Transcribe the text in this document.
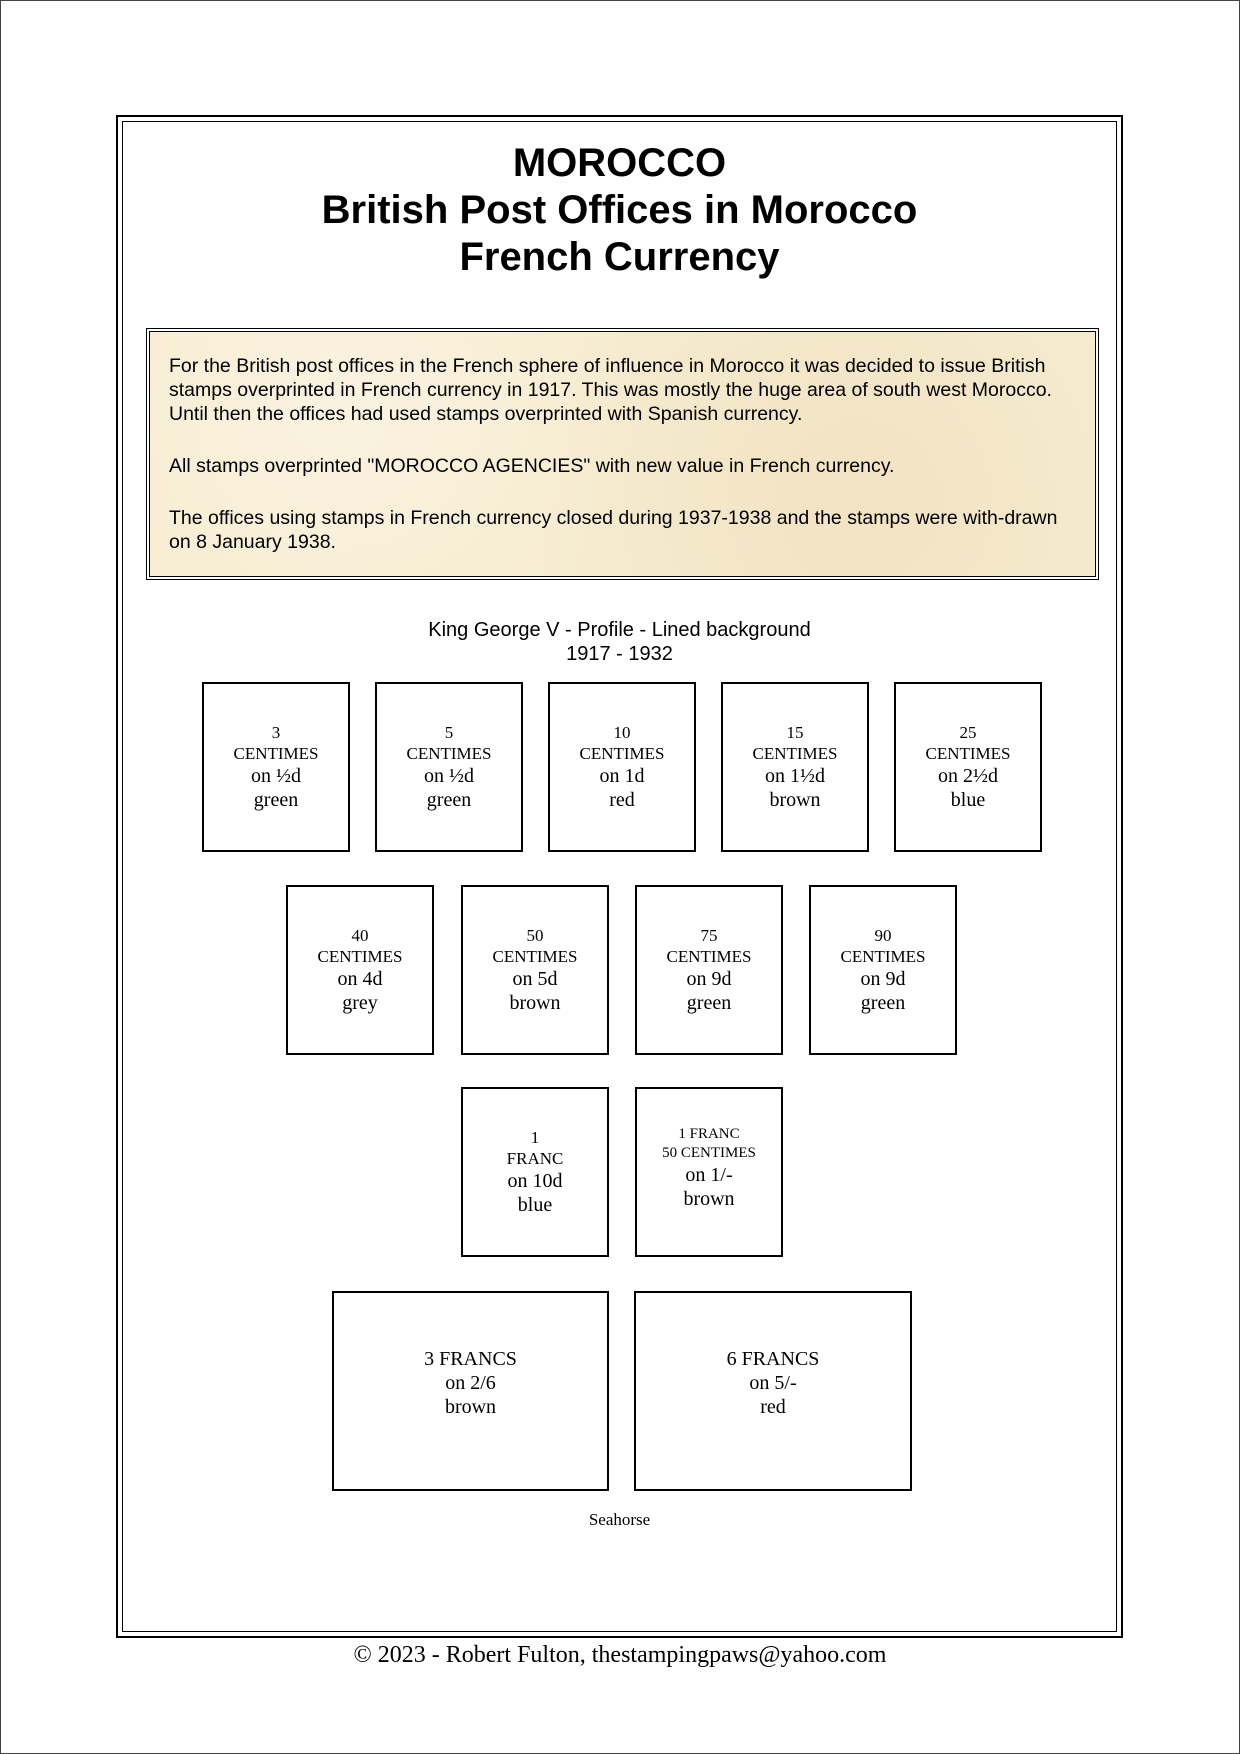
MOROCCO
British Post Offices in Morocco
French Currency

For the British post offices in the French sphere of influence in Morocco it was decided to issue British stamps overprinted in French currency in 1917. This was mostly the huge area of south west Morocco. Until then the offices had used stamps overprinted with Spanish currency.

All stamps overprinted "MOROCCO AGENCIES" with new value in French currency.

The offices using stamps in French currency closed during 1937-1938 and the stamps were with-drawn on 8 January 1938.

King George V - Profile - Lined background
1917 - 1932
3
CENTIMES
on ½d
green
5
CENTIMES
on ½d
green
10
CENTIMES
on 1d
red
15
CENTIMES
on 1½d
brown
25
CENTIMES
on 2½d
blue
40
CENTIMES
on 4d
grey
50
CENTIMES
on 5d
brown
75
CENTIMES
on 9d
green
90
CENTIMES
on 9d
green
1
FRANC
on 10d
blue
1 FRANC
50 CENTIMES
on 1/-
brown
3 FRANCS
on 2/6
brown
6 FRANCS
on 5/-
red
Seahorse
© 2023 - Robert Fulton, thestampingpaws@yahoo.com
